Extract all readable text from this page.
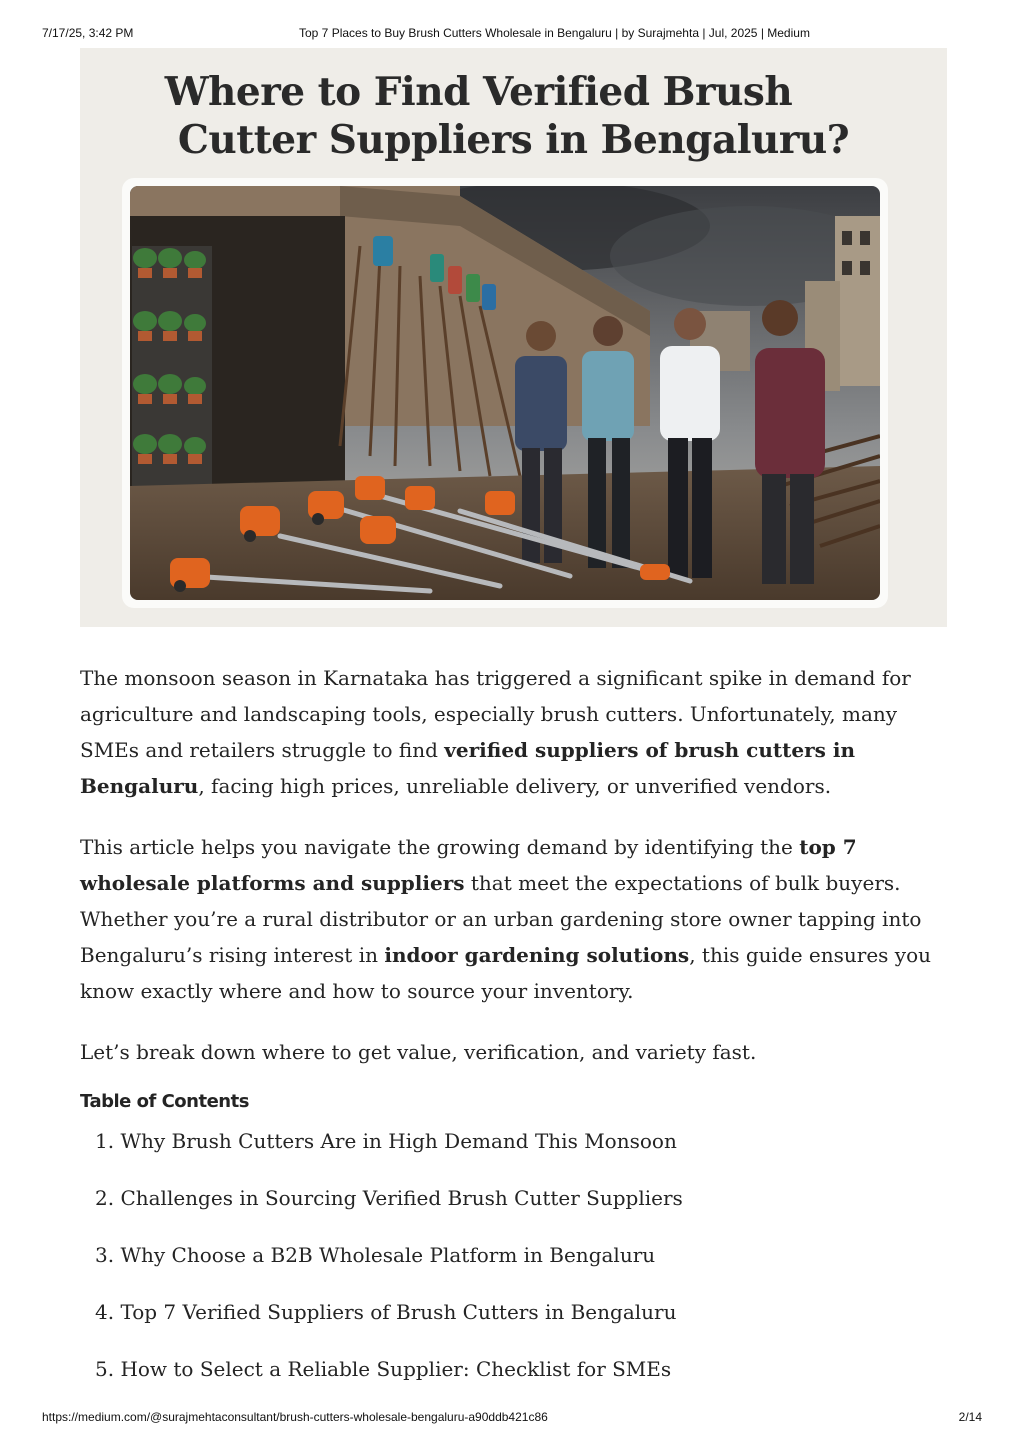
7/17/25, 3:42 PM	Top 7 Places to Buy Brush Cutters Wholesale in Bengaluru | by Surajmehta | Jul, 2025 | Medium
Where to Find Verified Brush
Cutter Suppliers in Bengaluru?

The monsoon season in Karnataka has triggered a significant spike in demand for agriculture and landscaping tools, especially brush cutters. Unfortunately, many SMEs and retailers struggle to find verified suppliers of brush cutters in Bengaluru, facing high prices, unreliable delivery, or unverified vendors.

This article helps you navigate the growing demand by identifying the top 7 wholesale platforms and suppliers that meet the expectations of bulk buyers. Whether you’re a rural distributor or an urban gardening store owner tapping into Bengaluru’s rising interest in indoor gardening solutions, this guide ensures you know exactly where and how to source your inventory.

Let’s break down where to get value, verification, and variety fast.

Table of Contents
1. Why Brush Cutters Are in High Demand This Monsoon
2. Challenges in Sourcing Verified Brush Cutter Suppliers
3. Why Choose a B2B Wholesale Platform in Bengaluru
4. Top 7 Verified Suppliers of Brush Cutters in Bengaluru
5. How to Select a Reliable Supplier: Checklist for SMEs
https://medium.com/@surajmehtaconsultant/brush-cutters-wholesale-bengaluru-a90ddb421c86	2/14
